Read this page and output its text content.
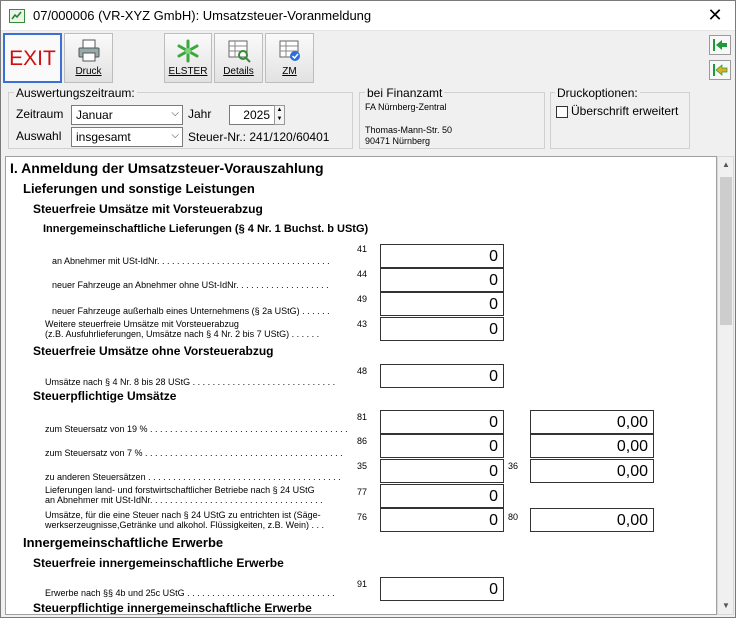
07/000006 (VR-XYZ GmbH): Umsatzsteuer-Voranmeldung	✕
EXIT
Druck	ELSTER	Details	ZM
Auswertungszeitraum:
Zeitraum	Januar	⌵ Jahr	2025	▲
▼
Auswahl	insgesamt	⌵ Steuer-Nr.: 241/120/60401
bei Finanzamt
FA Nürnberg-Zentral
Thomas-Mann-Str. 50
90471 Nürnberg
Druckoptionen:
Überschrift erweitert
I. Anmeldung der Umsatzsteuer-Vorauszahlung
Lieferungen und sonstige Leistungen
Steuerfreie Umsätze mit Vorsteuerabzug
Innergemeinschaftliche Lieferungen (§ 4 Nr. 1 Buchst. b UStG)
an Abnehmer mit USt-IdNr. . . . . . . . . . . . . . . . . . . . . . . . . . . . . . . . . . .
41	0
neuer Fahrzeuge an Abnehmer ohne USt-IdNr. . . . . . . . . . . . . . . . . . .
44	0
neuer Fahrzeuge außerhalb eines Unternehmens (§ 2a UStG) . . . . . .
49	0
Weitere steuerfreie Umsätze mit Vorsteuerabzug
(z.B. Ausfuhrlieferungen, Umsätze nach § 4 Nr. 2 bis 7 UStG) . . . . . .
43	0
Steuerfreie Umsätze ohne Vorsteuerabzug
Umsätze nach § 4 Nr. 8 bis 28 UStG . . . . . . . . . . . . . . . . . . . . . . . . . . . . .
48	0
Steuerpflichtige Umsätze
zum Steuersatz von 19 % . . . . . . . . . . . . . . . . . . . . . . . . . . . . . . . . . . . . . . . .
81	0	0,00
zum Steuersatz von 7 % . . . . . . . . . . . . . . . . . . . . . . . . . . . . . . . . . . . . . . . .
86	0	0,00
zu anderen Steuersätzen . . . . . . . . . . . . . . . . . . . . . . . . . . . . . . . . . . . . . . .
35	0	36	0,00
Lieferungen land- und forstwirtschaftlicher Betriebe nach § 24 UStG
an Abnehmer mit USt-IdNr. . . . . . . . . . . . . . . . . . . . . . . . . . . . . . . . . . .
77	0
Umsätze, für die eine Steuer nach § 24 UStG zu entrichten ist (Säge-
werkserzeugnisse,Getränke und alkohol. Flüssigkeiten, z.B. Wein) . . .
76	0	80	0,00
Innergemeinschaftliche Erwerbe
Steuerfreie innergemeinschaftliche Erwerbe
Erwerbe nach §§ 4b und 25c UStG . . . . . . . . . . . . . . . . . . . . . . . . . . . . . .
91	0
Steuerpflichtige innergemeinschaftliche Erwerbe
▲
▼
